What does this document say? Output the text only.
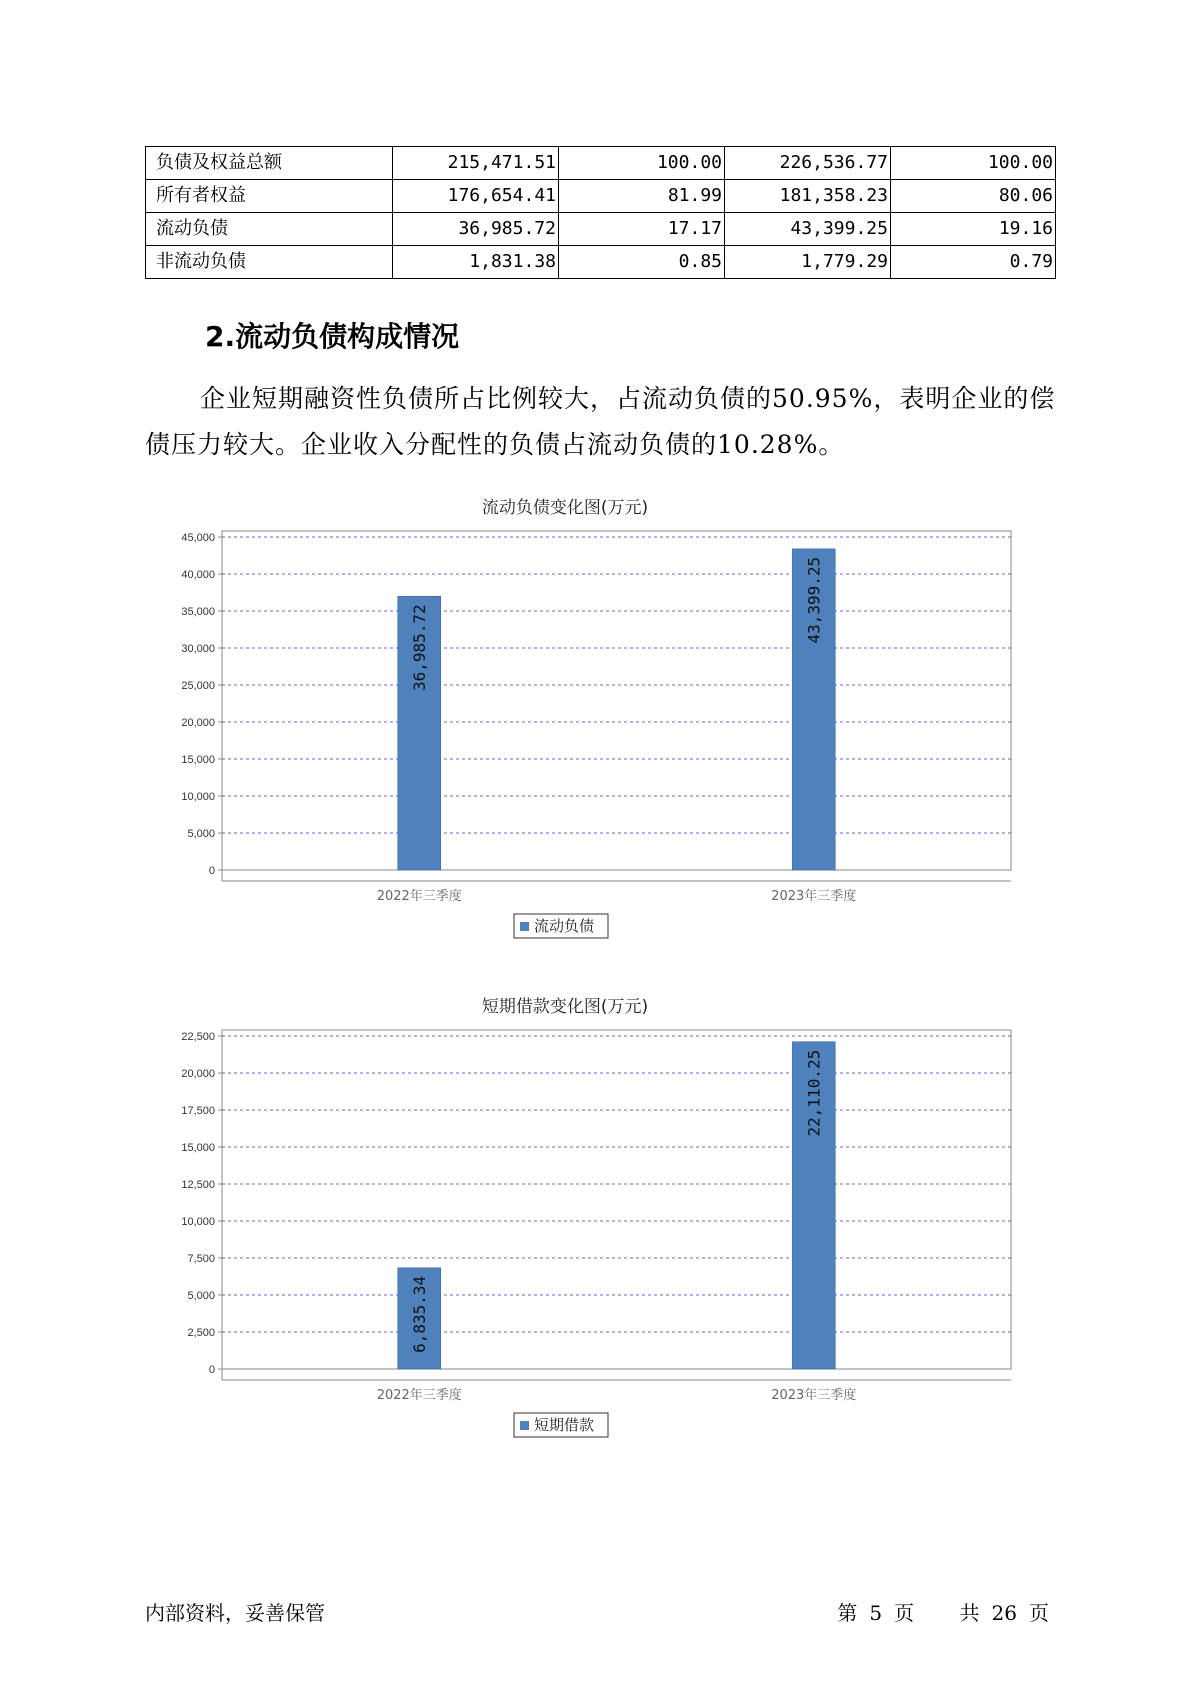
负债及权益总额	215,471.51	100.00	226,536.77	100.00
所有者权益	176,654.41	81.99	181,358.23	80.06
流动负债	36,985.72	17.17	43,399.25	19.16
非流动负债	1,831.38	0.85	1,779.29	0.79
2.流动负债构成情况

企业短期融资性负债所占比例较大，占流动负债的50.95%，表明企业的偿债压力较大。企业收入分配性的负债占流动负债的10.28%。

流动负债变化图(万元)
0
5,000
10,000
15,000
20,000
25,000
30,000
35,000
40,000
45,000
36,985.72
2022年三季度
43,399.25
2023年三季度
流动负债
短期借款变化图(万元)
0
2,500
5,000
7,500
10,000
12,500
15,000
17,500
20,000
22,500
6,835.34
2022年三季度
22,110.25
2023年三季度
短期借款
内部资料，妥善保管	第 5 页 共 26 页
